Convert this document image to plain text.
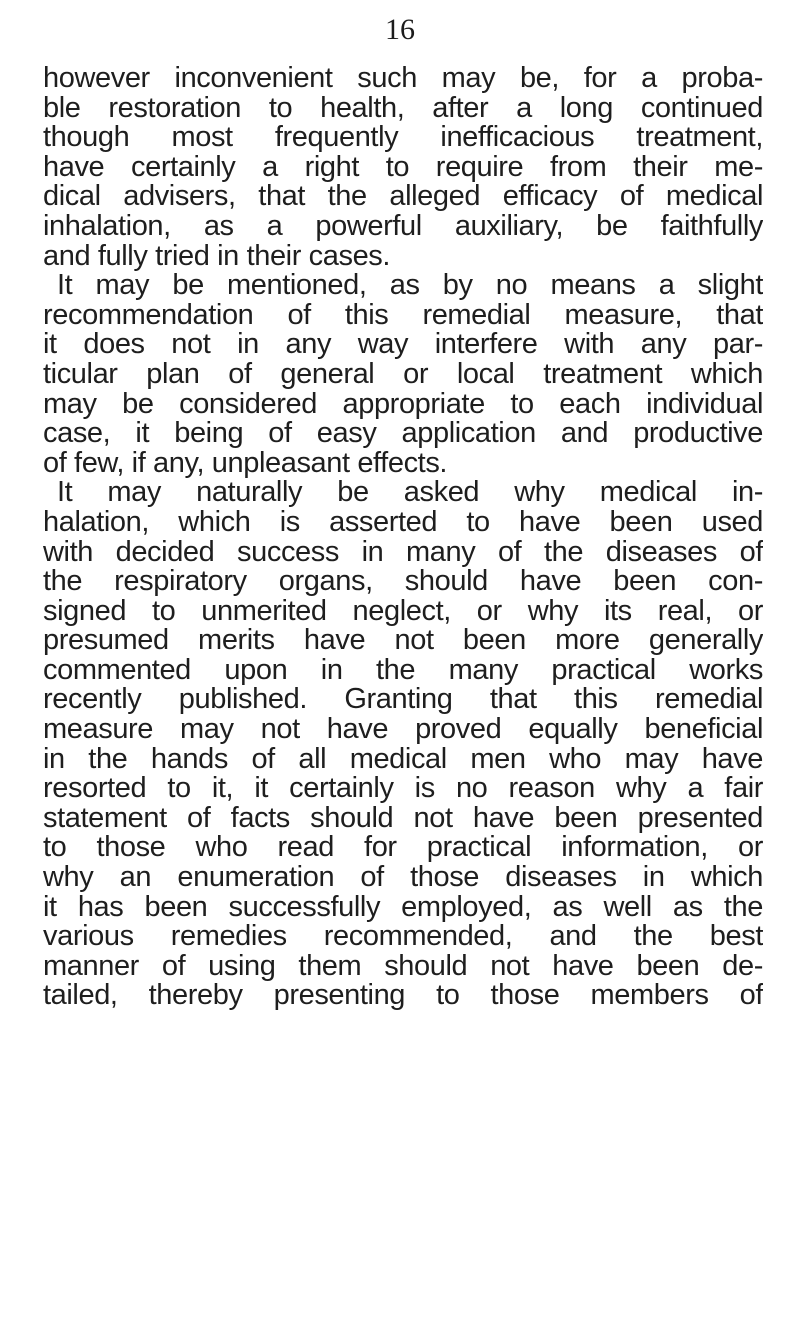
16
however inconvenient such may be, for a proba-
ble restoration to health, after a long continued
though most frequently inefficacious treatment,
have certainly a right to require from their me-
dical advisers, that the alleged efficacy of medical
inhalation, as a powerful auxiliary, be faithfully
and fully tried in their cases.
It may be mentioned, as by no means a slight
recommendation of this remedial measure, that
it does not in any way interfere with any par-
ticular plan of general or local treatment which
may be considered appropriate to each individual
case, it being of easy application and productive
of few, if any, unpleasant effects.
It may naturally be asked why medical in-
halation, which is asserted to have been used
with decided success in many of the diseases of
the respiratory organs, should have been con-
signed to unmerited neglect, or why its real, or
presumed merits have not been more generally
commented upon in the many practical works
recently published. Granting that this remedial
measure may not have proved equally beneficial
in the hands of all medical men who may have
resorted to it, it certainly is no reason why a fair
statement of facts should not have been presented
to those who read for practical information, or
why an enumeration of those diseases in which
it has been successfully employed, as well as the
various remedies recommended, and the best
manner of using them should not have been de-
tailed, thereby presenting to those members of
